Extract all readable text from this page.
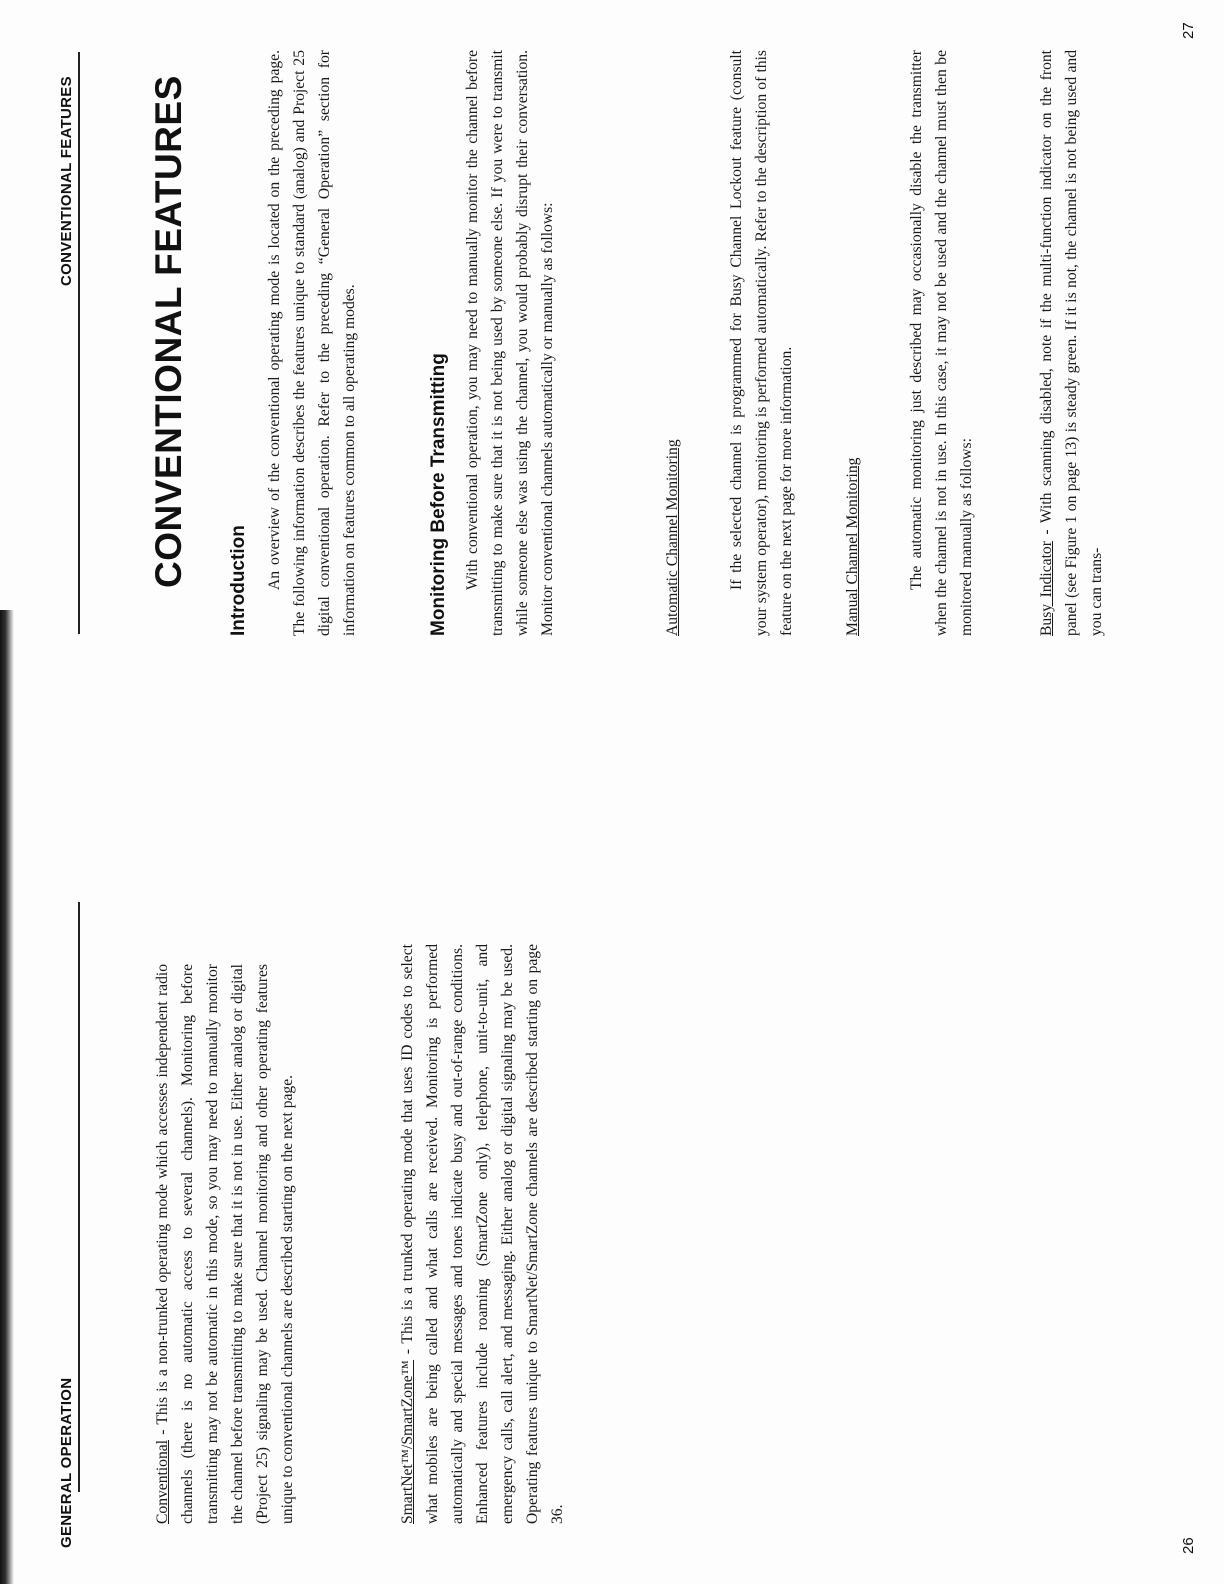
GENERAL OPERATION	Conventional - This is a non-trunked operating mode which accesses independent radio channels (there is no automatic access to several channels). Monitoring before transmitting may not be automatic in this mode, so you may need to manually monitor the channel before transmitting to make sure that it is not in use. Either analog or digital (Project 25) signaling may be used. Channel monitoring and other operating features unique to conventional channels are described starting on the next page.	SmartNet™/SmartZone™ - This is a trunked operating mode that uses ID codes to select what mobiles are being called and what calls are received. Monitoring is performed automatically and special messages and tones indicate busy and out-of-range conditions. Enhanced features include roaming (SmartZone only), telephone, unit-to-unit, and emergency calls, call alert, and messaging. Either analog or digital signaling may be used. Operating features unique to SmartNet/SmartZone channels are described starting on page 36.

26
CONVENTIONAL FEATURES CONVENTIONAL FEATURES Introduction An overview of the conventional operating mode is located on the preceding page. The following information describes the features unique to standard (analog) and Project 25 digital conventional operation. Refer to the preceding “General Operation” section for information on features common to all operating modes.	Monitoring Before Transmitting With conventional operation, you may need to manually monitor the channel before transmitting to make sure that it is not being used by someone else. If you were to transmit while someone else was using the channel, you would probably disrupt their conversation. Monitor conventional channels automatically or manually as follows:	Automatic Channel Monitoring	If the selected channel is programmed for Busy Channel Lockout feature (consult your system operator), monitoring is performed automatically. Refer to the description of this feature on the next page for more information.	Manual Channel Monitoring	The automatic monitoring just described may occasionally disable the transmitter when the channel is not in use. In this case, it may not be used and the channel must then be monitored manually as follows:	Busy Indicator - With scanning disabled, note if the multi-function indicator on the front panel (see Figure 1 on page 13) is steady green. If it is not, the channel is not being used and you can trans-

27
